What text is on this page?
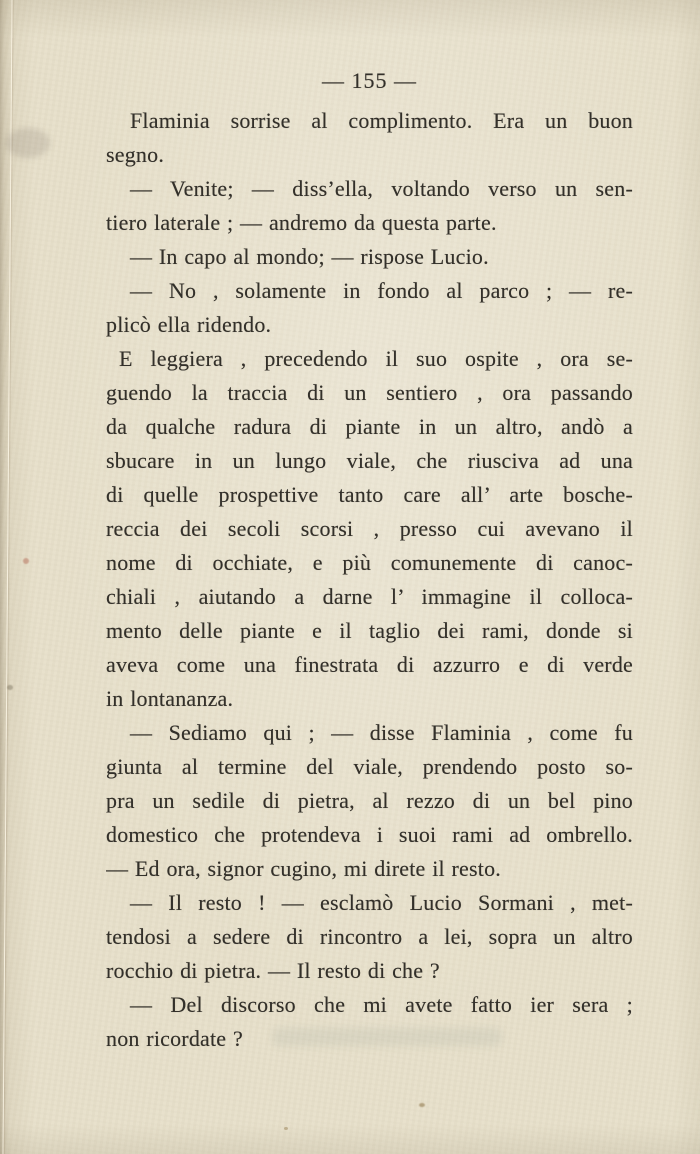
— 155 —
Flaminia sorrise al complimento. Era un buon
segno.
— Venite; — diss’ella, voltando verso un sen-
tiero laterale ; — andremo da questa parte.
— In capo al mondo; — rispose Lucio.
— No , solamente in fondo al parco ; — re-
plicò ella ridendo.
E leggiera , precedendo il suo ospite , ora se-
guendo la traccia di un sentiero , ora passando
da qualche radura di piante in un altro, andò a
sbucare in un lungo viale, che riusciva ad una
di quelle prospettive tanto care all’ arte bosche-
reccia dei secoli scorsi , presso cui avevano il
nome di occhiate, e più comunemente di canoc-
chiali , aiutando a darne l’ immagine il colloca-
mento delle piante e il taglio dei rami, donde si
aveva come una finestrata di azzurro e di verde
in lontananza.
— Sediamo qui ; — disse Flaminia , come fu
giunta al termine del viale, prendendo posto so-
pra un sedile di pietra, al rezzo di un bel pino
domestico che protendeva i suoi rami ad ombrello.
— Ed ora, signor cugino, mi direte il resto.
— Il resto ! — esclamò Lucio Sormani , met-
tendosi a sedere di rincontro a lei, sopra un altro
rocchio di pietra. — Il resto di che ?
— Del discorso che mi avete fatto ier sera ;
non ricordate ?
